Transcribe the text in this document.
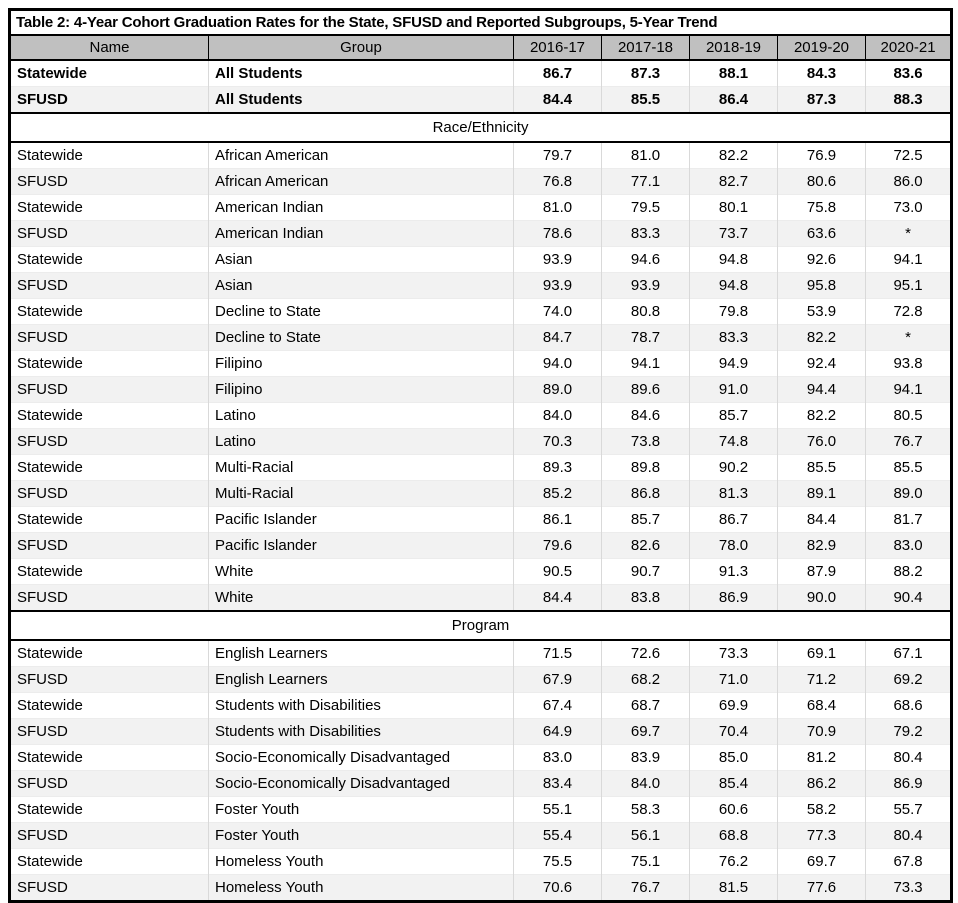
Table 2: 4-Year Cohort Graduation Rates for the State, SFUSD and Reported Subgroups, 5-Year Trend						
Name	Group	2016-17	2017-18	2018-19	2019-20	2020-21
Statewide	All Students	86.7	87.3	88.1	84.3	83.6
SFUSD	All Students	84.4	85.5	86.4	87.3	88.3
Race/Ethnicity						
Statewide	African American	79.7	81.0	82.2	76.9	72.5
SFUSD	African American	76.8	77.1	82.7	80.6	86.0
Statewide	American Indian	81.0	79.5	80.1	75.8	73.0
SFUSD	American Indian	78.6	83.3	73.7	63.6	*
Statewide	Asian	93.9	94.6	94.8	92.6	94.1
SFUSD	Asian	93.9	93.9	94.8	95.8	95.1
Statewide	Decline to State	74.0	80.8	79.8	53.9	72.8
SFUSD	Decline to State	84.7	78.7	83.3	82.2	*
Statewide	Filipino	94.0	94.1	94.9	92.4	93.8
SFUSD	Filipino	89.0	89.6	91.0	94.4	94.1
Statewide	Latino	84.0	84.6	85.7	82.2	80.5
SFUSD	Latino	70.3	73.8	74.8	76.0	76.7
Statewide	Multi-Racial	89.3	89.8	90.2	85.5	85.5
SFUSD	Multi-Racial	85.2	86.8	81.3	89.1	89.0
Statewide	Pacific Islander	86.1	85.7	86.7	84.4	81.7
SFUSD	Pacific Islander	79.6	82.6	78.0	82.9	83.0
Statewide	White	90.5	90.7	91.3	87.9	88.2
SFUSD	White	84.4	83.8	86.9	90.0	90.4
Program						
Statewide	English Learners	71.5	72.6	73.3	69.1	67.1
SFUSD	English Learners	67.9	68.2	71.0	71.2	69.2
Statewide	Students with Disabilities	67.4	68.7	69.9	68.4	68.6
SFUSD	Students with Disabilities	64.9	69.7	70.4	70.9	79.2
Statewide	Socio-Economically Disadvantaged	83.0	83.9	85.0	81.2	80.4
SFUSD	Socio-Economically Disadvantaged	83.4	84.0	85.4	86.2	86.9
Statewide	Foster Youth	55.1	58.3	60.6	58.2	55.7
SFUSD	Foster Youth	55.4	56.1	68.8	77.3	80.4
Statewide	Homeless Youth	75.5	75.1	76.2	69.7	67.8
SFUSD	Homeless Youth	70.6	76.7	81.5	77.6	73.3
